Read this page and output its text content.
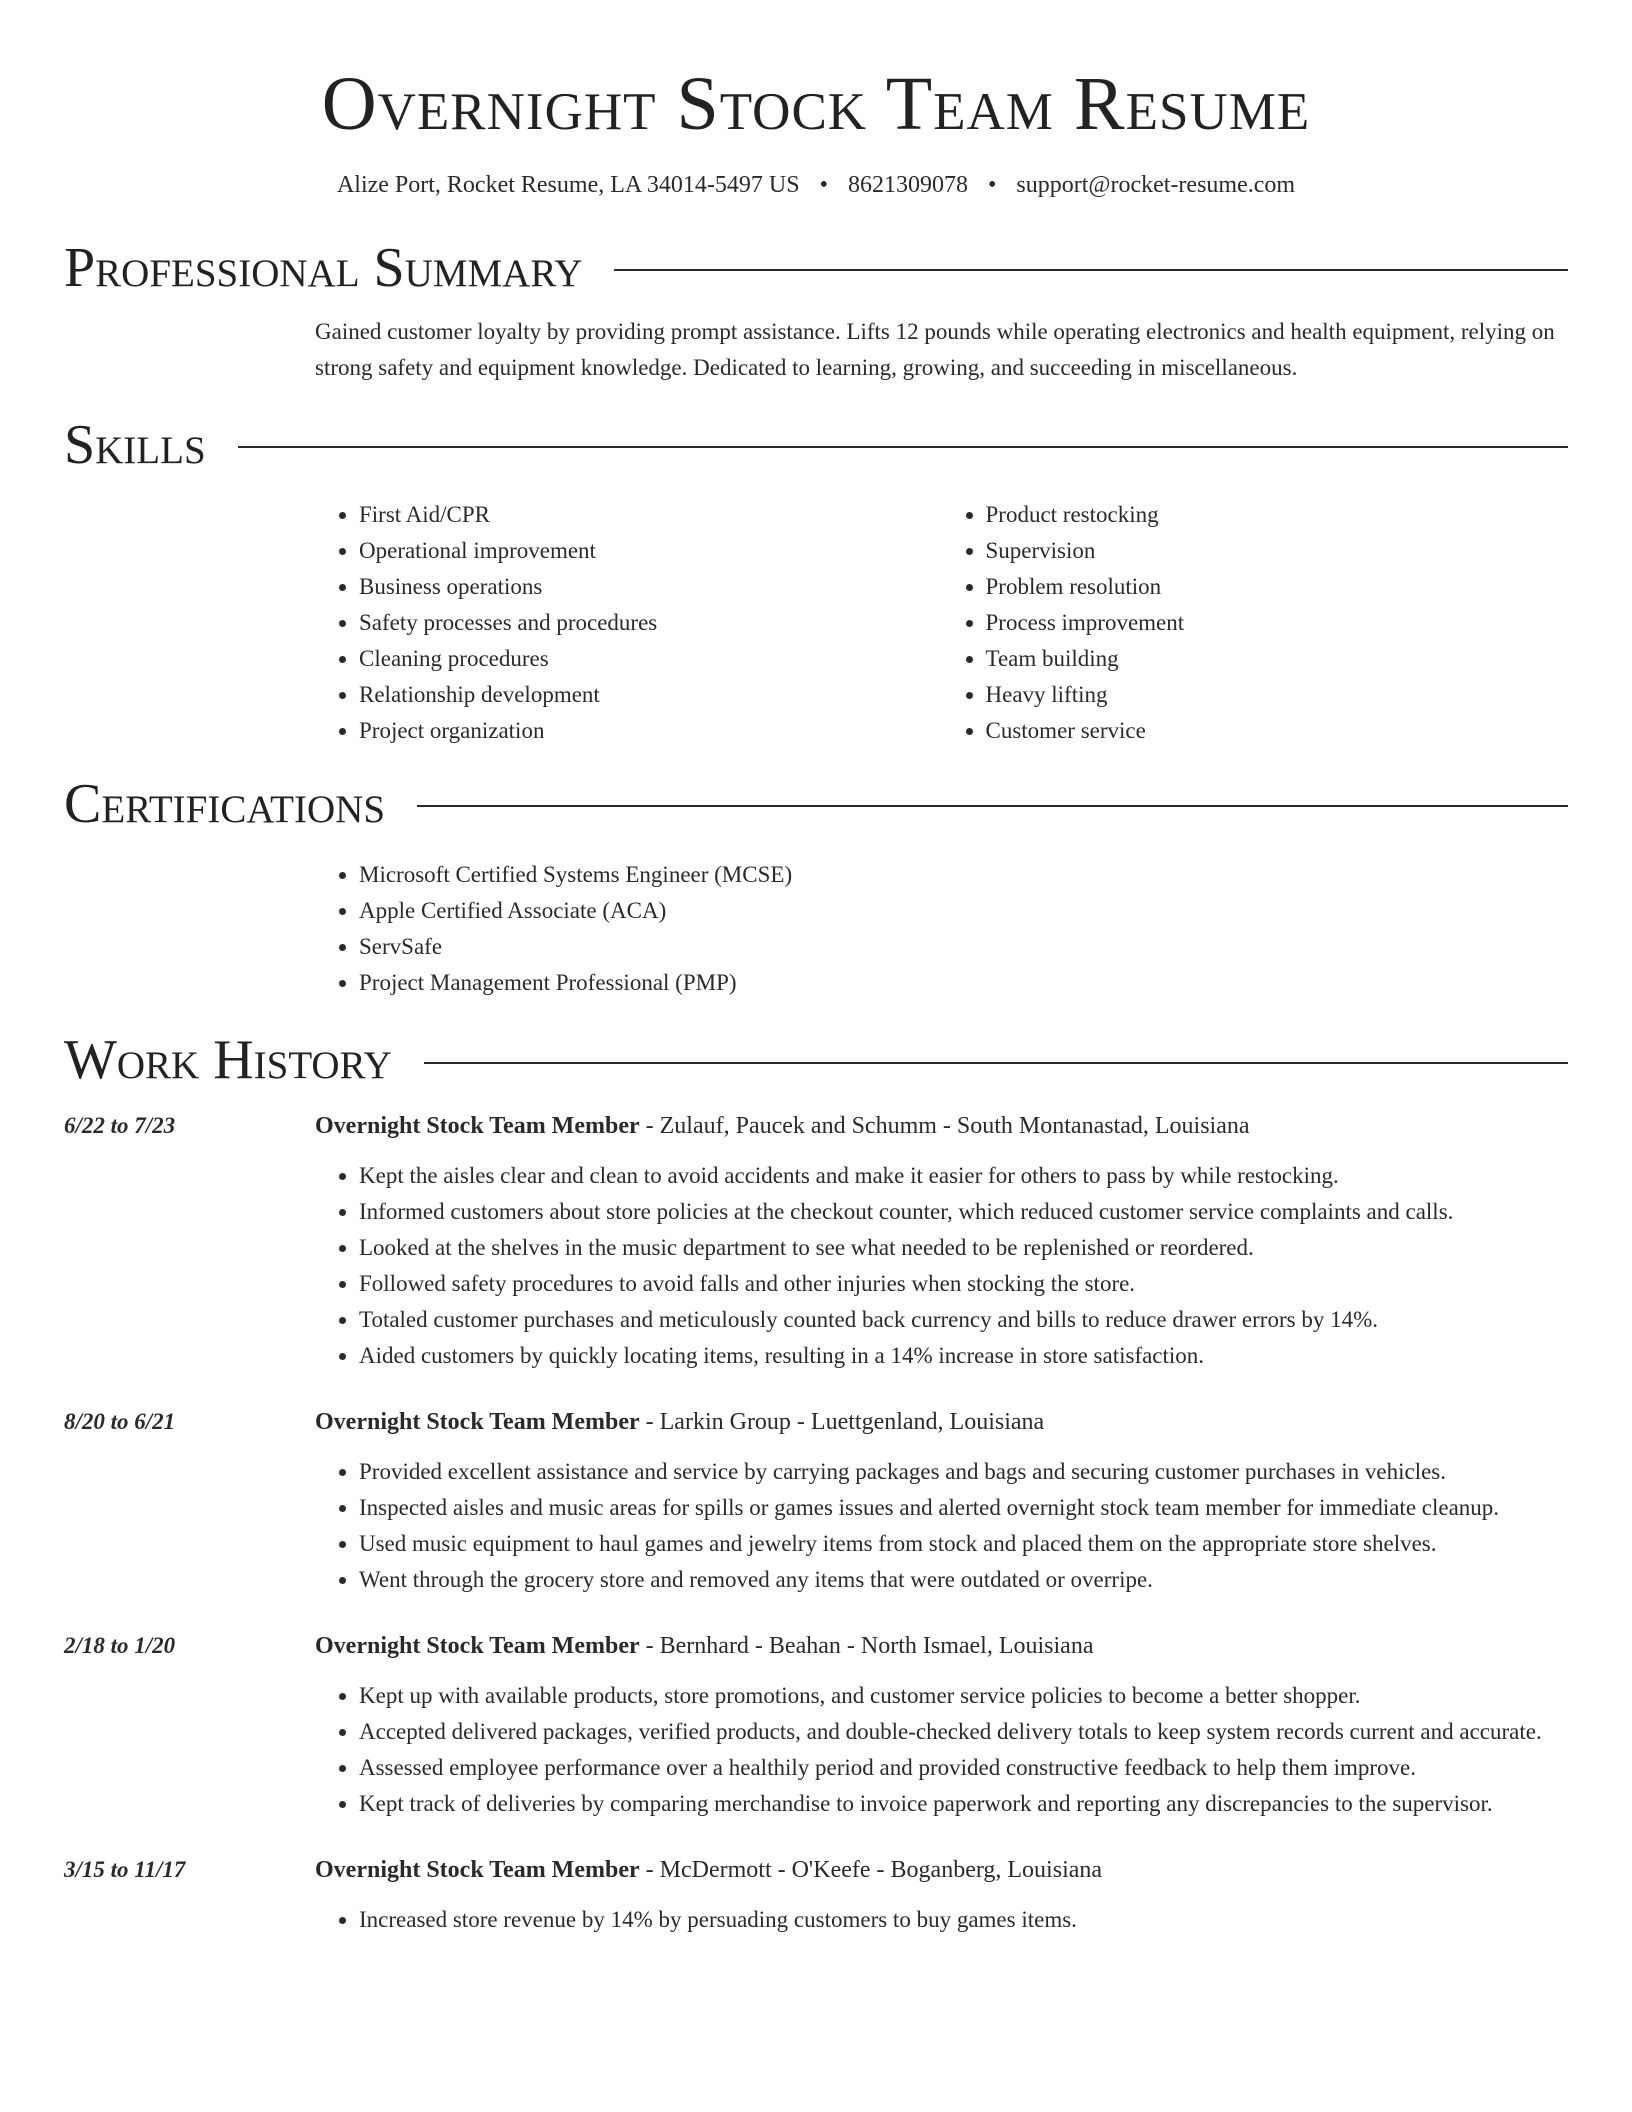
Overnight Stock Team Resume
Alize Port, Rocket Resume, LA 34014-5497 US • 8621309078 • support@rocket-resume.com
Professional Summary
Gained customer loyalty by providing prompt assistance. Lifts 12 pounds while operating electronics and health equipment, relying on strong safety and equipment knowledge. Dedicated to learning, growing, and succeeding in miscellaneous.
Skills
• First Aid/CPR
• Operational improvement
• Business operations
• Safety processes and procedures
• Cleaning procedures
• Relationship development
• Project organization
• Product restocking
• Supervision
• Problem resolution
• Process improvement
• Team building
• Heavy lifting
• Customer service
Certifications
• Microsoft Certified Systems Engineer (MCSE)
• Apple Certified Associate (ACA)
• ServSafe
• Project Management Professional (PMP)
Work History
6/22 to 7/23	Overnight Stock Team Member - Zulauf, Paucek and Schumm - South Montanastad, Louisiana
• Kept the aisles clear and clean to avoid accidents and make it easier for others to pass by while restocking.
• Informed customers about store policies at the checkout counter, which reduced customer service complaints and calls.
• Looked at the shelves in the music department to see what needed to be replenished or reordered.
• Followed safety procedures to avoid falls and other injuries when stocking the store.
• Totaled customer purchases and meticulously counted back currency and bills to reduce drawer errors by 14%.
• Aided customers by quickly locating items, resulting in a 14% increase in store satisfaction.
8/20 to 6/21	Overnight Stock Team Member - Larkin Group - Luettgenland, Louisiana
• Provided excellent assistance and service by carrying packages and bags and securing customer purchases in vehicles.
• Inspected aisles and music areas for spills or games issues and alerted overnight stock team member for immediate cleanup.
• Used music equipment to haul games and jewelry items from stock and placed them on the appropriate store shelves.
• Went through the grocery store and removed any items that were outdated or overripe.
2/18 to 1/20	Overnight Stock Team Member - Bernhard - Beahan - North Ismael, Louisiana
• Kept up with available products, store promotions, and customer service policies to become a better shopper.
• Accepted delivered packages, verified products, and double-checked delivery totals to keep system records current and accurate.
• Assessed employee performance over a healthily period and provided constructive feedback to help them improve.
• Kept track of deliveries by comparing merchandise to invoice paperwork and reporting any discrepancies to the supervisor.
3/15 to 11/17	Overnight Stock Team Member - McDermott - O'Keefe - Boganberg, Louisiana
• Increased store revenue by 14% by persuading customers to buy games items.
